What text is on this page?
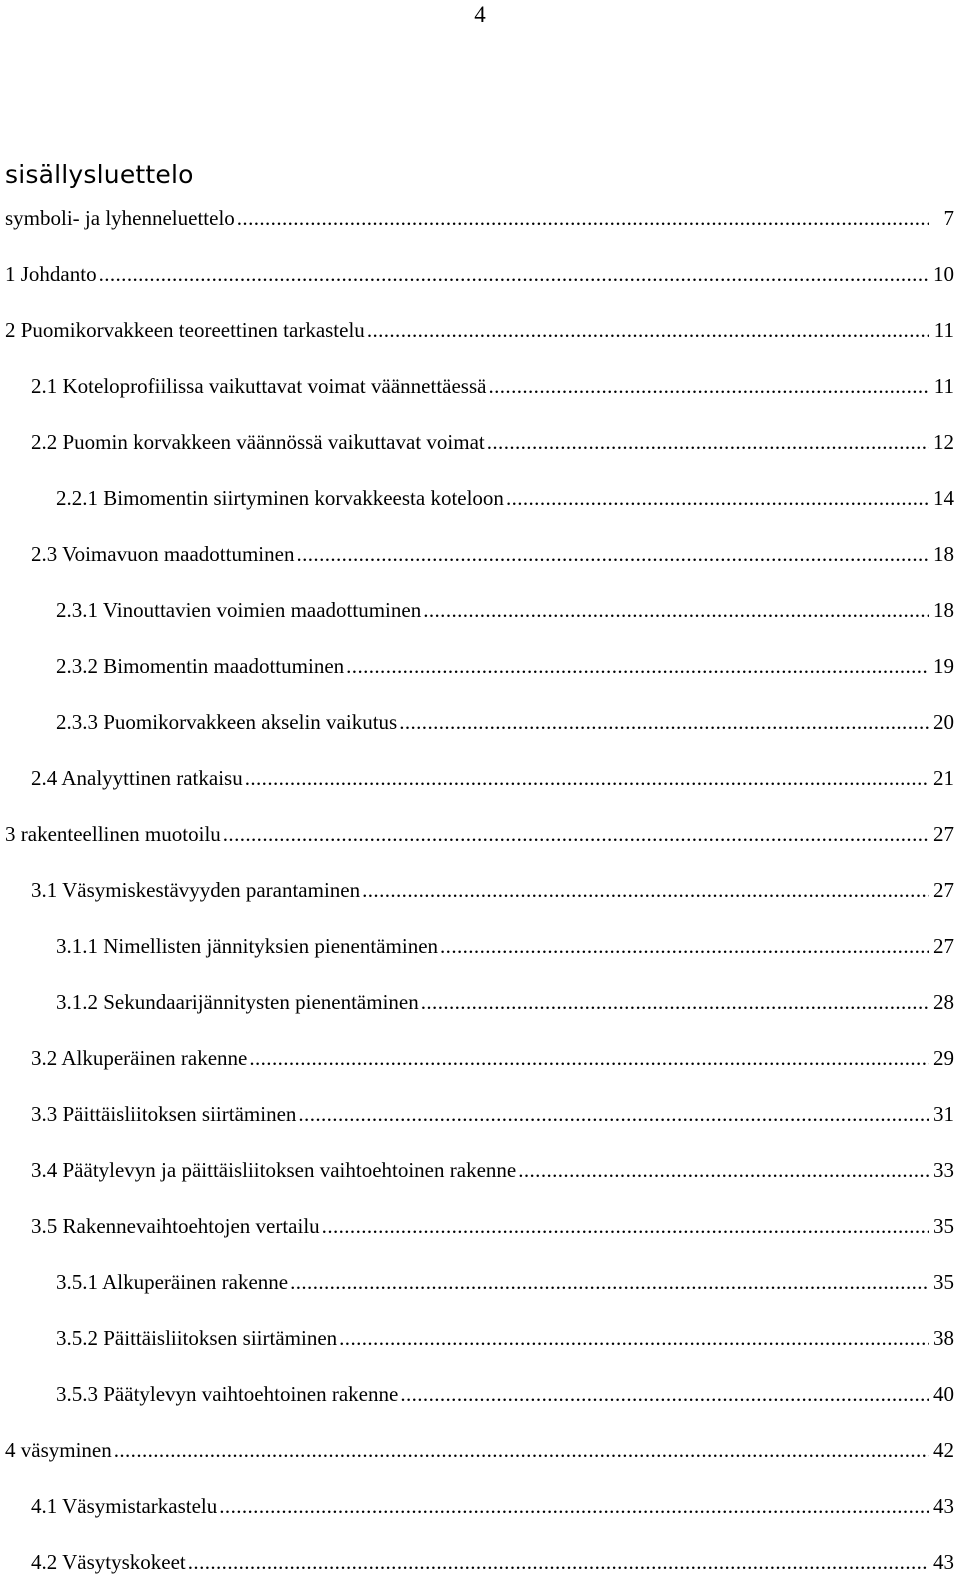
4
sisällysluettelo
symboli- ja lyhenneluettelo .....	7
1 Johdanto .....	10
2 Puomikorvakkeen teoreettinen tarkastelu .....	11
2.1 Koteloprofiilissa vaikuttavat voimat väännettäessä .....	11
2.2 Puomin korvakkeen väännössä vaikuttavat voimat .....	12
2.2.1 Bimomentin siirtyminen korvakkeesta koteloon .....	14
2.3 Voimavuon maadottuminen .....	18
2.3.1 Vinouttavien voimien maadottuminen .....	18
2.3.2 Bimomentin maadottuminen .....	19
2.3.3 Puomikorvakkeen akselin vaikutus .....	20
2.4 Analyyttinen ratkaisu .....	21
3 rakenteellinen muotoilu .....	27
3.1 Väsymiskestävyyden parantaminen .....	27
3.1.1 Nimellisten jännityksien pienentäminen .....	27
3.1.2 Sekundaarijännitysten pienentäminen .....	28
3.2 Alkuperäinen rakenne .....	29
3.3 Päittäisliitoksen siirtäminen .....	31
3.4 Päätylevyn ja päittäisliitoksen vaihtoehtoinen rakenne .....	33
3.5 Rakennevaihtoehtojen vertailu .....	35
3.5.1 Alkuperäinen rakenne .....	35
3.5.2 Päittäisliitoksen siirtäminen .....	38
3.5.3 Päätylevyn vaihtoehtoinen rakenne .....	40
4 väsyminen .....	42
4.1 Väsymistarkastelu .....	43
4.2 Väsytyskokeet .....	43
